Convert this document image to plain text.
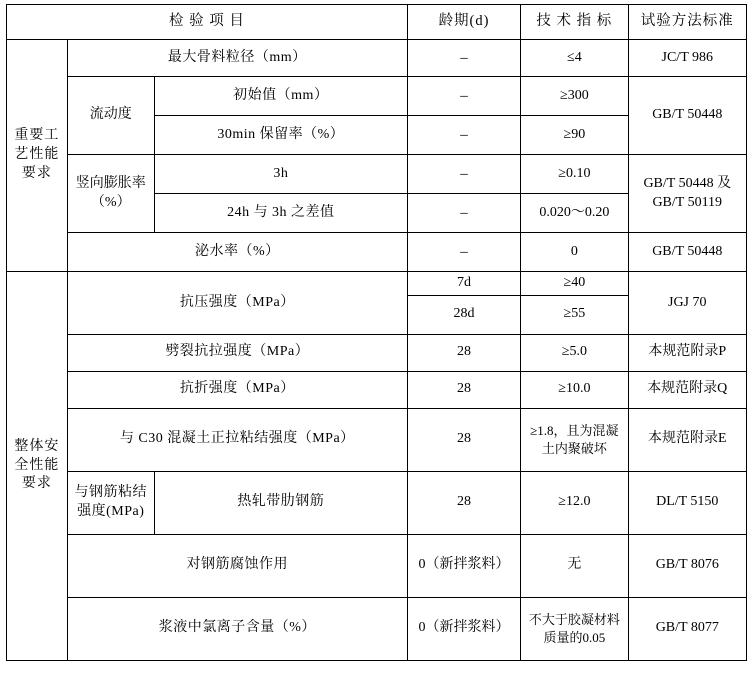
检 验 项 目			龄期(d)	技 术 指 标	试验方法标准
重要工艺性能要求	最大骨料粒径（mm）		–	≤4	JC/T 986
	流动度	初始值（mm）	–	≥300	GB/T 50448
		30min 保留率（%）	–	≥90	
	竖向膨胀率（%）	3h	–	≥0.10	GB/T 50448 及 GB/T 50119
		24h 与 3h 之差值	–	0.020～0.20	
	泌水率（%）		–	0	GB/T 50448
整体安全性能要求	抗压强度（MPa）		7d	≥40	JGJ 70
			28d	≥55	
	劈裂抗拉强度（MPa）		28	≥5.0	本规范附录P
	抗折强度（MPa）		28	≥10.0	本规范附录Q
	与 C30 混凝土正拉粘结强度（MPa）		28	≥1.8，且为混凝土内聚破坏	本规范附录E
	与钢筋粘结强度(MPa)	热轧带肋钢筋	28	≥12.0	DL/T 5150
	对钢筋腐蚀作用		0（新拌浆料）	无	GB/T 8076
	浆液中氯离子含量（%）		0（新拌浆料）	不大于胶凝材料质量的0.05	GB/T 8077
